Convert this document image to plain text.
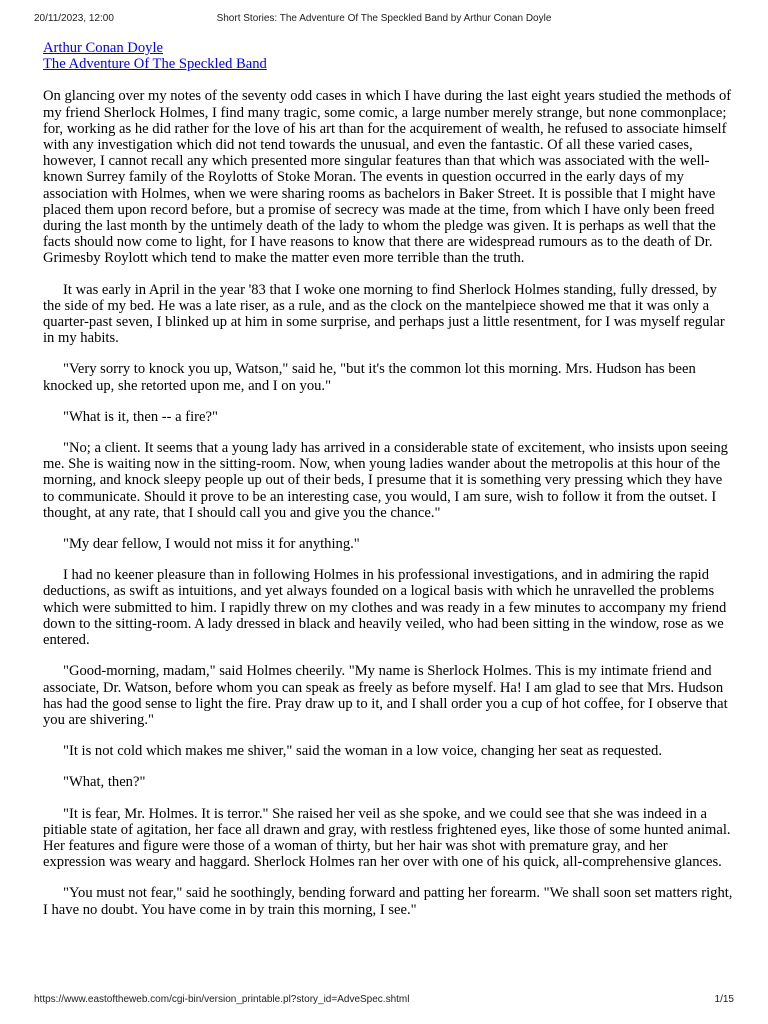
20/11/2023, 12:00	Short Stories: The Adventure Of The Speckled Band by Arthur Conan Doyle
Arthur Conan Doyle
The Adventure Of The Speckled Band

On glancing over my notes of the seventy odd cases in which I have during the last eight years studied the methods of my friend Sherlock Holmes, I find many tragic, some comic, a large number merely strange, but none commonplace; for, working as he did rather for the love of his art than for the acquirement of wealth, he refused to associate himself with any investigation which did not tend towards the unusual, and even the fantastic. Of all these varied cases, however, I cannot recall any which presented more singular features than that which was associated with the well-known Surrey family of the Roylotts of Stoke Moran. The events in question occurred in the early days of my association with Holmes, when we were sharing rooms as bachelors in Baker Street. It is possible that I might have placed them upon record before, but a promise of secrecy was made at the time, from which I have only been freed during the last month by the untimely death of the lady to whom the pledge was given. It is perhaps as well that the facts should now come to light, for I have reasons to know that there are widespread rumours as to the death of Dr. Grimesby Roylott which tend to make the matter even more terrible than the truth.

It was early in April in the year '83 that I woke one morning to find Sherlock Holmes standing, fully dressed, by the side of my bed. He was a late riser, as a rule, and as the clock on the mantelpiece showed me that it was only a quarter-past seven, I blinked up at him in some surprise, and perhaps just a little resentment, for I was myself regular in my habits.

"Very sorry to knock you up, Watson," said he, "but it's the common lot this morning. Mrs. Hudson has been knocked up, she retorted upon me, and I on you."

"What is it, then -- a fire?"

"No; a client. It seems that a young lady has arrived in a considerable state of excitement, who insists upon seeing me. She is waiting now in the sitting-room. Now, when young ladies wander about the metropolis at this hour of the morning, and knock sleepy people up out of their beds, I presume that it is something very pressing which they have to communicate. Should it prove to be an interesting case, you would, I am sure, wish to follow it from the outset. I thought, at any rate, that I should call you and give you the chance."

"My dear fellow, I would not miss it for anything."

I had no keener pleasure than in following Holmes in his professional investigations, and in admiring the rapid deductions, as swift as intuitions, and yet always founded on a logical basis with which he unravelled the problems which were submitted to him. I rapidly threw on my clothes and was ready in a few minutes to accompany my friend down to the sitting-room. A lady dressed in black and heavily veiled, who had been sitting in the window, rose as we entered.

"Good-morning, madam," said Holmes cheerily. "My name is Sherlock Holmes. This is my intimate friend and associate, Dr. Watson, before whom you can speak as freely as before myself. Ha! I am glad to see that Mrs. Hudson has had the good sense to light the fire. Pray draw up to it, and I shall order you a cup of hot coffee, for I observe that you are shivering."

"It is not cold which makes me shiver," said the woman in a low voice, changing her seat as requested.

"What, then?"

"It is fear, Mr. Holmes. It is terror." She raised her veil as she spoke, and we could see that she was indeed in a pitiable state of agitation, her face all drawn and gray, with restless frightened eyes, like those of some hunted animal. Her features and figure were those of a woman of thirty, but her hair was shot with premature gray, and her expression was weary and haggard. Sherlock Holmes ran her over with one of his quick, all-comprehensive glances.

"You must not fear," said he soothingly, bending forward and patting her forearm. "We shall soon set matters right, I have no doubt. You have come in by train this morning, I see."

https://www.eastoftheweb.com/cgi-bin/version_printable.pl?story_id=AdveSpec.shtml	1/15
